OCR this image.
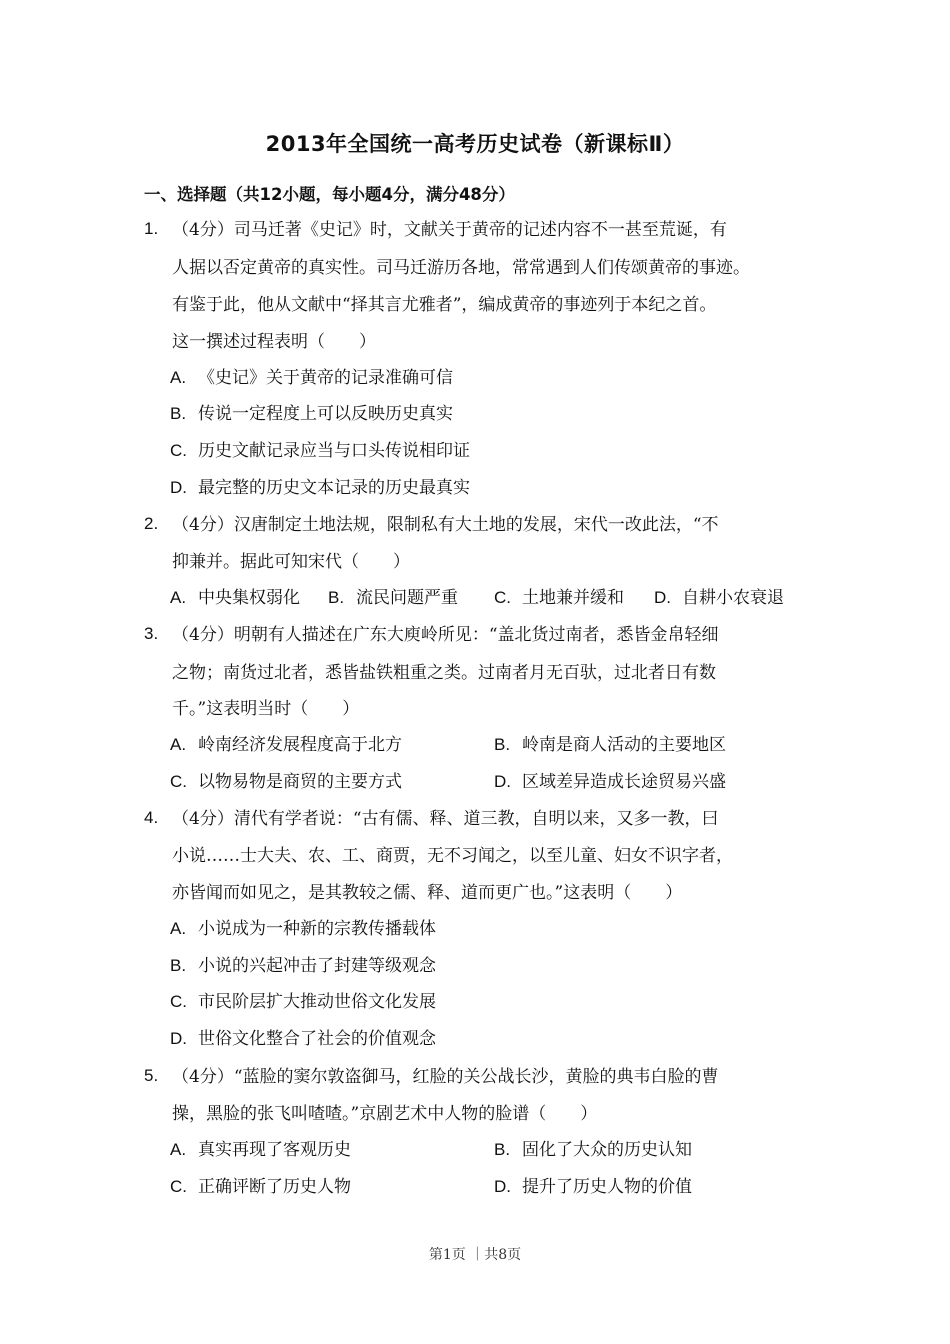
2013年全国统一高考历史试卷（新课标Ⅱ）
一、选择题（共12小题，每小题4分，满分48分）
1. （4分）司马迁著《史记》时，文献关于黄帝的记述内容不一甚至荒诞，有
人据以否定黄帝的真实性。司马迁游历各地，常常遇到人们传颂黄帝的事迹。
有鉴于此，他从文献中“择其言尤雅者”，编成黄帝的事迹列于本纪之首。
这一撰述过程表明（　　）
A. 《史记》关于黄帝的记录准确可信
B. 传说一定程度上可以反映历史真实
C. 历史文献记录应当与口头传说相印证
D. 最完整的历史文本记录的历史最真实
2. （4分）汉唐制定土地法规，限制私有大土地的发展，宋代一改此法，“不
抑兼并。据此可知宋代（　　）
A. 中央集权弱化 B. 流民问题严重 C. 土地兼并缓和 D. 自耕小农衰退
3. （4分）明朝有人描述在广东大庾岭所见：“盖北货过南者，悉皆金帛轻细
之物；南货过北者，悉皆盐铁粗重之类。过南者月无百驮，过北者日有数
千。”这表明当时（　　）
A. 岭南经济发展程度高于北方	B. 岭南是商人活动的主要地区
C. 以物易物是商贸的主要方式	D. 区域差异造成长途贸易兴盛
4. （4分）清代有学者说：“古有儒、释、道三教，自明以来，又多一教，曰
小说……士大夫、农、工、商贾，无不习闻之，以至儿童、妇女不识字者，
亦皆闻而如见之，是其教较之儒、释、道而更广也。”这表明（　　）
A. 小说成为一种新的宗教传播载体
B. 小说的兴起冲击了封建等级观念
C. 市民阶层扩大推动世俗文化发展
D. 世俗文化整合了社会的价值观念
5. （4分）“蓝脸的窦尔敦盗御马，红脸的关公战长沙，黄脸的典韦白脸的曹
操，黑脸的张飞叫喳喳。”京剧艺术中人物的脸谱（　　）
A. 真实再现了客观历史	B. 固化了大众的历史认知
C. 正确评断了历史人物	D. 提升了历史人物的价值
第1页 ｜共8页
